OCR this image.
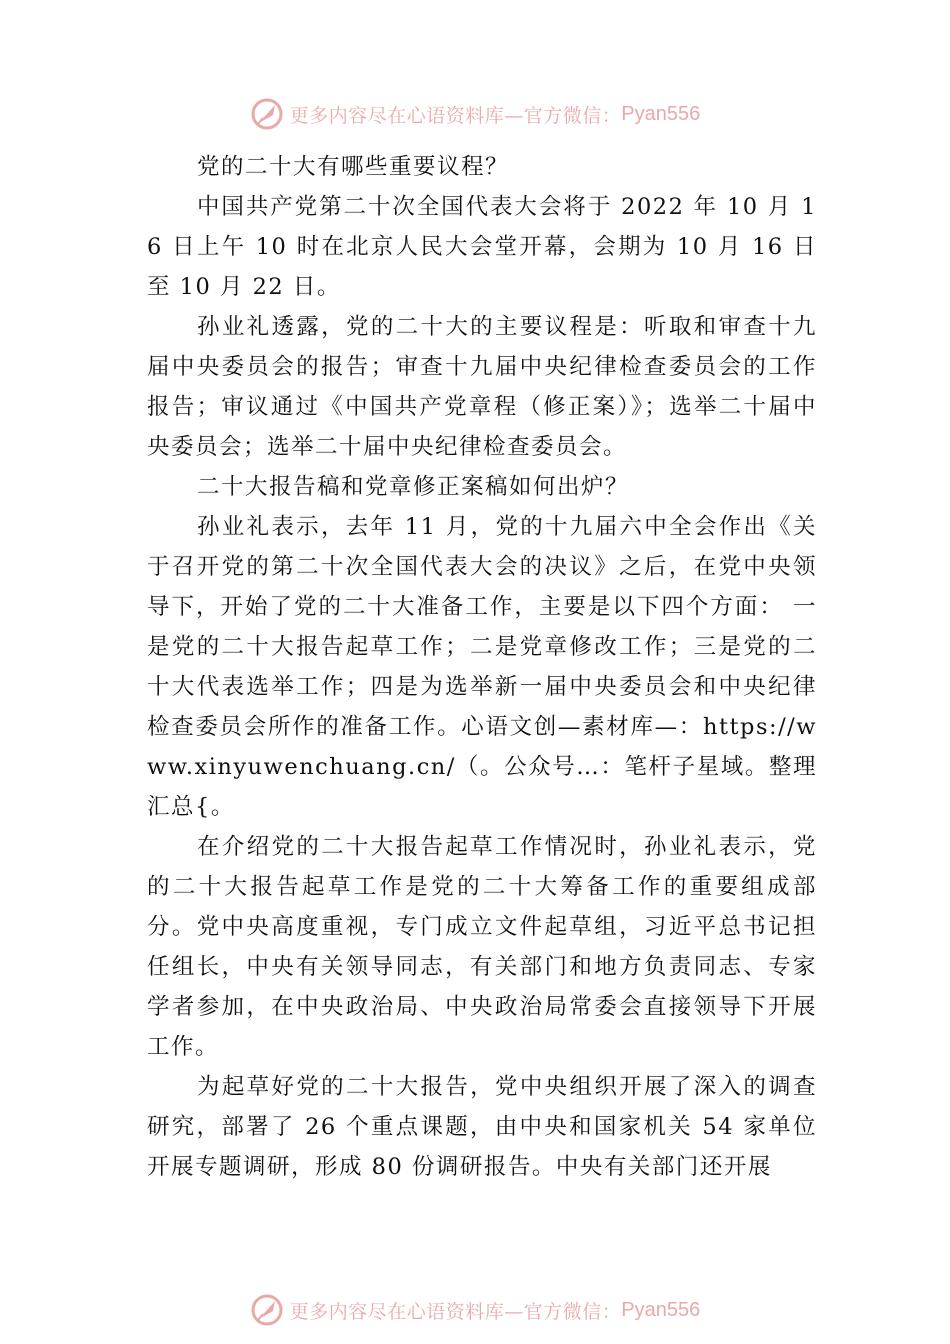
更多内容尽在心语资料库—官方微信： Pyan556

党的二十大有哪些重要议程？

中国共产党第二十次全国代表大会将于 2022 年 10 月 16 日上午 10 时在北京人民大会堂开幕，会期为 10 月 16 日至 10 月 22 日。

孙业礼透露，党的二十大的主要议程是：听取和审查十九届中央委员会的报告；审查十九届中央纪律检查委员会的工作报告；审议通过《中国共产党章程（修正案）》；选举二十届中央委员会；选举二十届中央纪律检查委员会。

二十大报告稿和党章修正案稿如何出炉？

孙业礼表示，去年 11 月，党的十九届六中全会作出《关于召开党的第二十次全国代表大会的决议》之后，在党中央领导下，开始了党的二十大准备工作，主要是以下四个方面： 一是党的二十大报告起草工作；二是党章修改工作；三是党的二十大代表选举工作；四是为选举新一届中央委员会和中央纪律检查委员会所作的准备工作。心语文创—素材库—：https://www.xinyuwenchuang.cn/（。公众号…：笔杆子星域。整理汇总{。

在介绍党的二十大报告起草工作情况时，孙业礼表示，党的二十大报告起草工作是党的二十大筹备工作的重要组成部分。党中央高度重视，专门成立文件起草组，习近平总书记担任组长，中央有关领导同志，有关部门和地方负责同志、专家学者参加，在中央政治局、中央政治局常委会直接领导下开展工作。

为起草好党的二十大报告，党中央组织开展了深入的调查研究，部署了 26 个重点课题，由中央和国家机关 54 家单位开展专题调研，形成 80 份调研报告。中央有关部门还开展

更多内容尽在心语资料库—官方微信： Pyan556
